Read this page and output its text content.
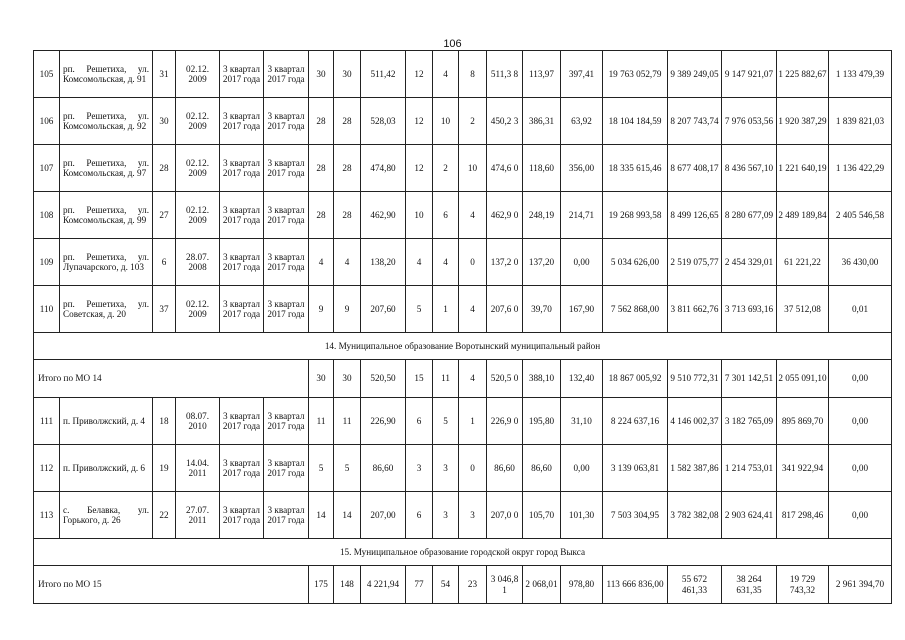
106
105	рп. Решетиха, ул. Комсомольская, д. 91	31	02.12. 2009	3 квартал 2017 года	3 квартал 2017 года	30	30	511,42	12	4	8	511,3 8	113,97	397,41	19 763 052,79	9 389 249,05	9 147 921,07	1 225 882,67	1 133 479,39
106	рп. Решетиха, ул. Комсомольская, д. 92	30	02.12. 2009	3 квартал 2017 года	3 квартал 2017 года	28	28	528,03	12	10	2	450,2 3	386,31	63,92	18 104 184,59	8 207 743,74	7 976 053,56	1 920 387,29	1 839 821,03
107	рп. Решетиха, ул. Комсомольская, д. 97	28	02.12. 2009	3 квартал 2017 года	3 квартал 2017 года	28	28	474,80	12	2	10	474,6 0	118,60	356,00	18 335 615,46	8 677 408,17	8 436 567,10	1 221 640,19	1 136 422,29
108	рп. Решетиха, ул. Комсомольская, д. 99	27	02.12. 2009	3 квартал 2017 года	3 квартал 2017 года	28	28	462,90	10	6	4	462,9 0	248,19	214,71	19 268 993,58	8 499 126,65	8 280 677,09	2 489 189,84	2 405 546,58
109	рп. Решетиха, ул. Лупачарского, д. 103	6	28.07. 2008	3 квартал 2017 года	3 квартал 2017 года	4	4	138,20	4	4	0	137,2 0	137,20	0,00	5 034 626,00	2 519 075,77	2 454 329,01	61 221,22	36 430,00
110	рп. Решетиха, ул. Советская, д. 20	37	02.12. 2009	3 квартал 2017 года	3 квартал 2017 года	9	9	207,60	5	1	4	207,6 0	39,70	167,90	7 562 868,00	3 811 662,76	3 713 693,16	37 512,08	0,01
14. Муниципальное образование Воротынский муниципальный район																			
Итого по МО 14						30	30	520,50	15	11	4	520,5 0	388,10	132,40	18 867 005,92	9 510 772,31	7 301 142,51	2 055 091,10	0,00
111	п. Приволжский, д. 4	18	08.07. 2010	3 квартал 2017 года	3 квартал 2017 года	11	11	226,90	6	5	1	226,9 0	195,80	31,10	8 224 637,16	4 146 002,37	3 182 765,09	895 869,70	0,00
112	п. Приволжский, д. 6	19	14.04. 2011	3 квартал 2017 года	3 квартал 2017 года	5	5	86,60	3	3	0	86,60	86,60	0,00	3 139 063,81	1 582 387,86	1 214 753,01	341 922,94	0,00
113	с. Белавка, ул. Горького, д. 26	22	27.07. 2011	3 квартал 2017 года	3 квартал 2017 года	14	14	207,00	6	3	3	207,0 0	105,70	101,30	7 503 304,95	3 782 382,08	2 903 624,41	817 298,46	0,00
15. Муниципальное образование городской округ город Выкса																			
Итого по МО 15						175	148	4 221,94	77	54	23	3 046,8 1	2 068,01	978,80	113 666 836,00	55 672 461,33	38 264 631,35	19 729 743,32	2 961 394,70
